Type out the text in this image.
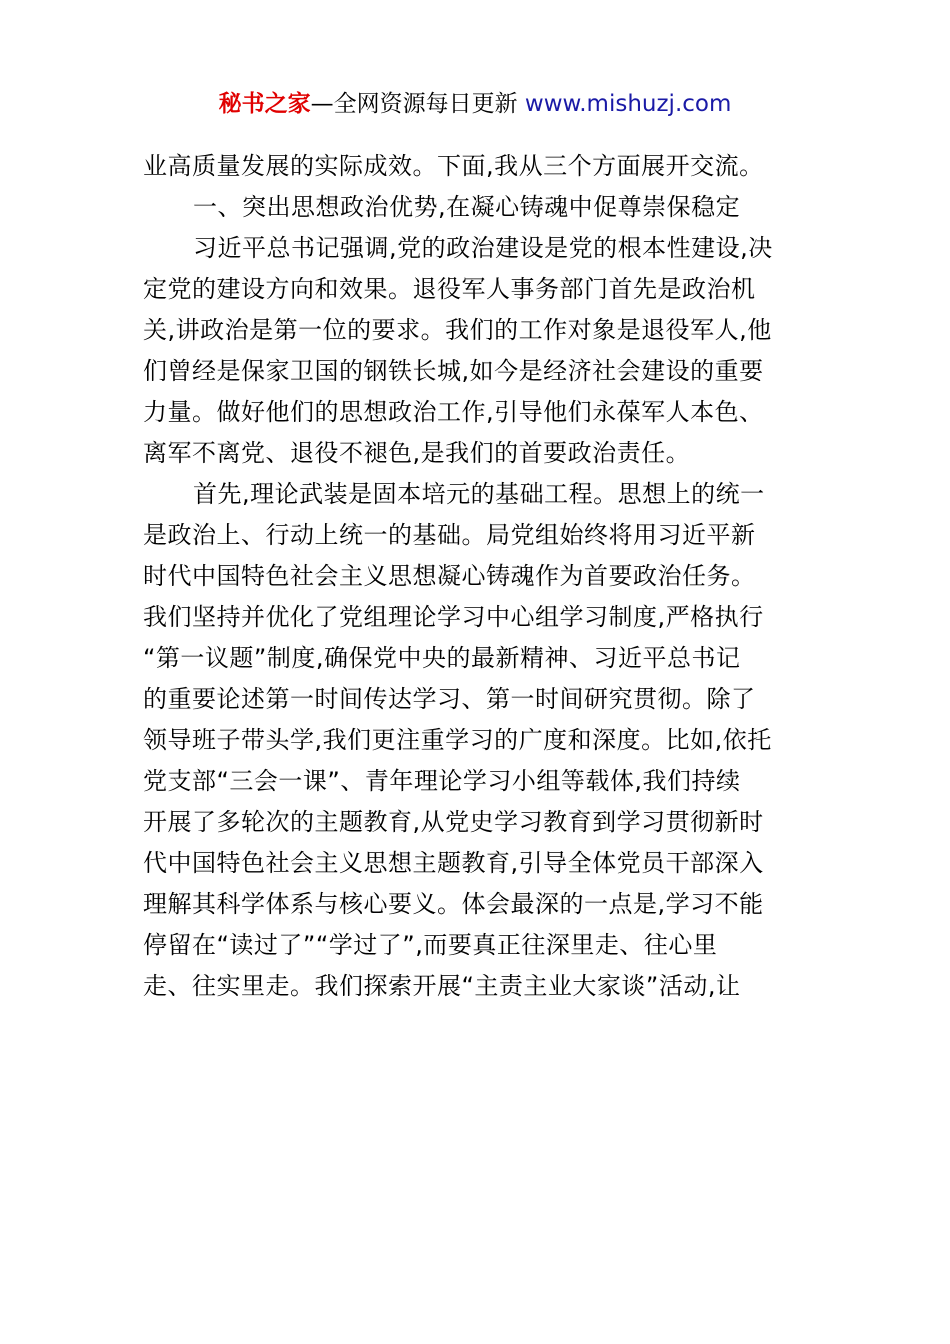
秘书之家—全网资源每日更新 www.mishuzj.com
业高质量发展的实际成效。下面,我从三个方面展开交流。
一、突出思想政治优势,在凝心铸魂中促尊崇保稳定
习近平总书记强调,党的政治建设是党的根本性建设,决
定党的建设方向和效果。退役军人事务部门首先是政治机
关,讲政治是第一位的要求。我们的工作对象是退役军人,他
们曾经是保家卫国的钢铁长城,如今是经济社会建设的重要
力量。做好他们的思想政治工作,引导他们永葆军人本色、
离军不离党、退役不褪色,是我们的首要政治责任。
首先,理论武装是固本培元的基础工程。思想上的统一
是政治上、行动上统一的基础。局党组始终将用习近平新
时代中国特色社会主义思想凝心铸魂作为首要政治任务。
我们坚持并优化了党组理论学习中心组学习制度,严格执行
“第一议题”制度,确保党中央的最新精神、习近平总书记
的重要论述第一时间传达学习、第一时间研究贯彻。除了
领导班子带头学,我们更注重学习的广度和深度。比如,依托
党支部“三会一课”、青年理论学习小组等载体,我们持续
开展了多轮次的主题教育,从党史学习教育到学习贯彻新时
代中国特色社会主义思想主题教育,引导全体党员干部深入
理解其科学体系与核心要义。体会最深的一点是,学习不能
停留在“读过了”“学过了”,而要真正往深里走、往心里
走、往实里走。我们探索开展“主责主业大家谈”活动,让
